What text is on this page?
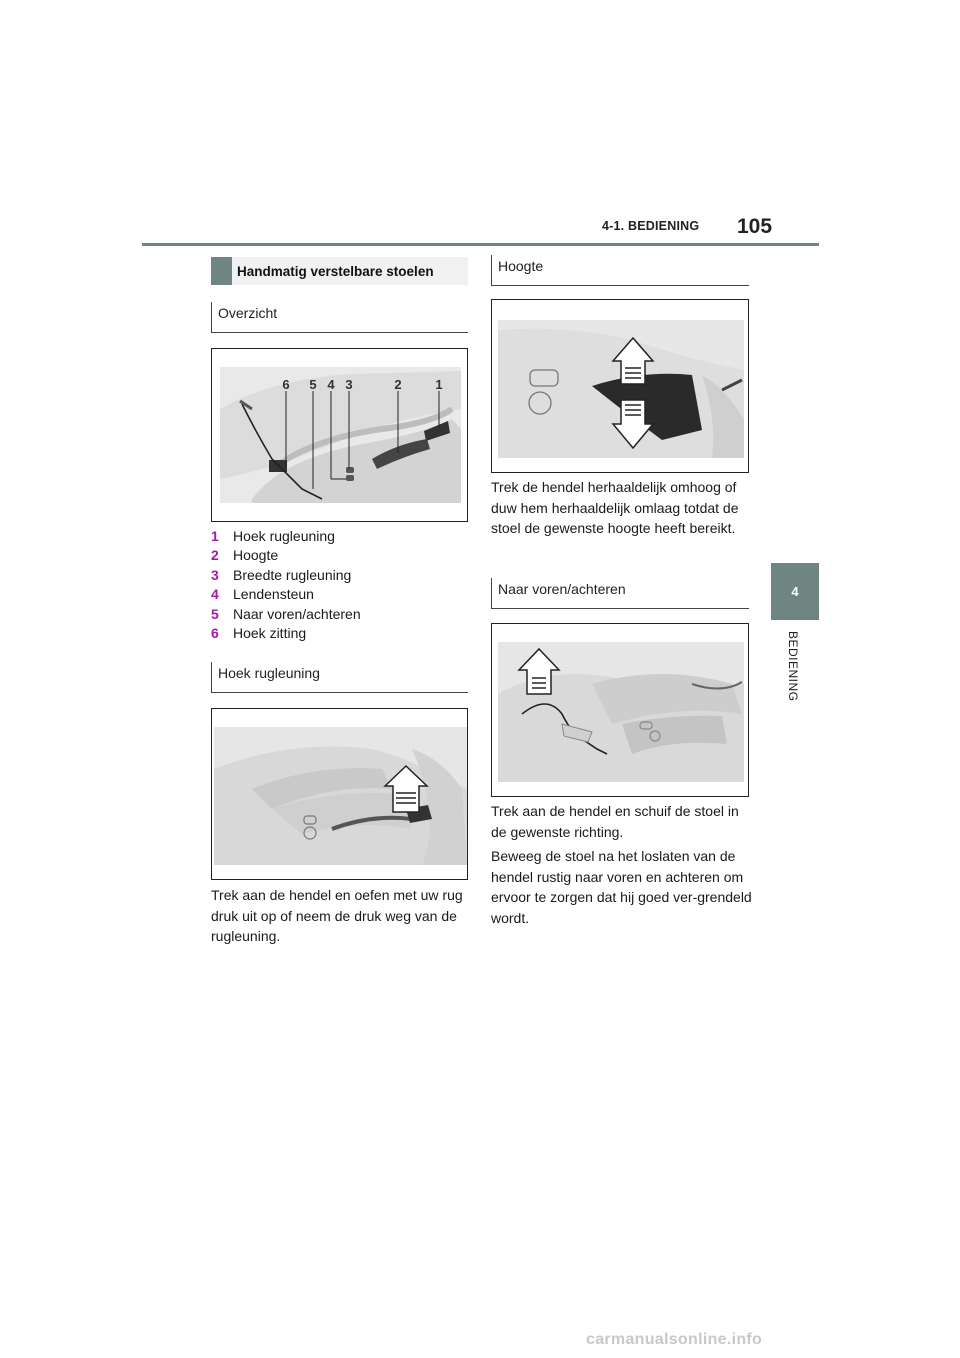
4-1. BEDIENING 105
4
BEDIENING
Handmatig verstelbare stoelen
Overzicht
6 5 4 3	2	1
1	Hoek rugleuning
2	Hoogte
3	Breedte rugleuning
4	Lendensteun
5	Naar voren/achteren
6	Hoek zitting
Hoek rugleuning
Trek aan de hendel en oefen met uw rug druk uit op of neem de druk weg van de rugleuning.
Hoogte
Trek de hendel herhaaldelijk omhoog of duw hem herhaaldelijk omlaag totdat de stoel de gewenste hoogte heeft bereikt.
Naar voren/achteren
Trek aan de hendel en schuif de stoel in de gewenste richting.
Beweeg de stoel na het loslaten van de hendel rustig naar voren en achteren om ervoor te zorgen dat hij goed ver-grendeld wordt.
carmanualsonline.info
